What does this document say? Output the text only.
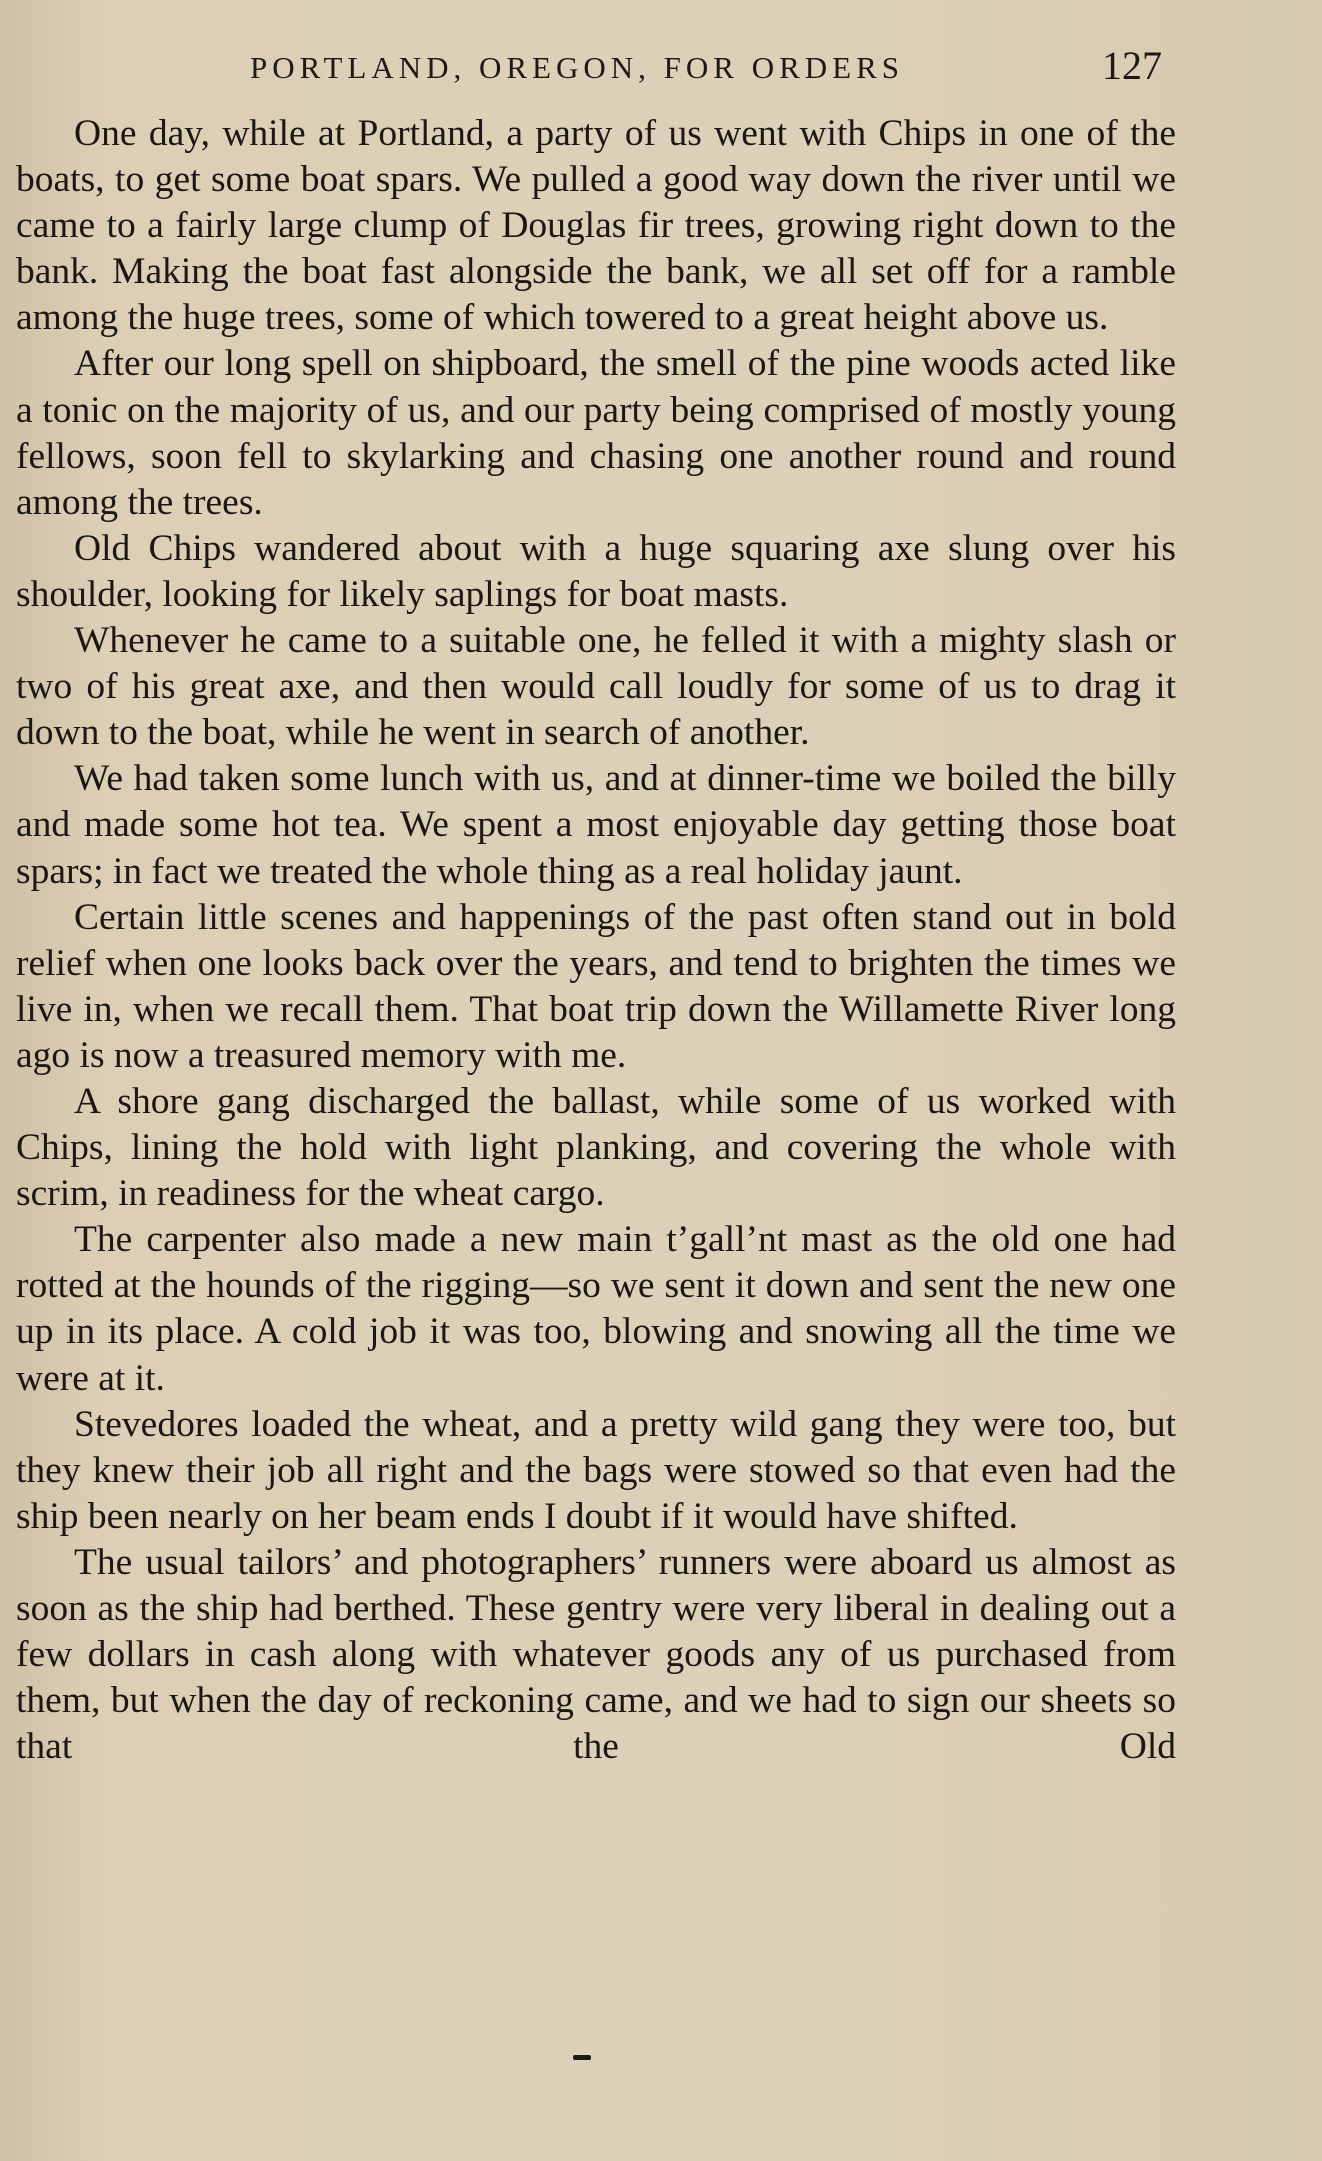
PORTLAND, OREGON, FOR ORDERS	127

One day, while at Portland, a party of us went with Chips in one of the boats, to get some boat spars. We pulled a good way down the river until we came to a fairly large clump of Douglas fir trees, growing right down to the bank. Making the boat fast alongside the bank, we all set off for a ramble among the huge trees, some of which towered to a great height above us.

After our long spell on shipboard, the smell of the pine woods acted like a tonic on the majority of us, and our party being comprised of mostly young fellows, soon fell to skylarking and chasing one another round and round among the trees.

Old Chips wandered about with a huge squaring axe slung over his shoulder, looking for likely saplings for boat masts.

Whenever he came to a suitable one, he felled it with a mighty slash or two of his great axe, and then would call loudly for some of us to drag it down to the boat, while he went in search of another.

We had taken some lunch with us, and at dinner-time we boiled the billy and made some hot tea. We spent a most enjoyable day getting those boat spars; in fact we treated the whole thing as a real holiday jaunt.

Certain little scenes and happenings of the past often stand out in bold relief when one looks back over the years, and tend to brighten the times we live in, when we recall them. That boat trip down the Willamette River long ago is now a treasured memory with me.

A shore gang discharged the ballast, while some of us worked with Chips, lining the hold with light planking, and covering the whole with scrim, in readiness for the wheat cargo.

The carpenter also made a new main t’gall’nt mast as the old one had rotted at the hounds of the rigging—so we sent it down and sent the new one up in its place. A cold job it was too, blowing and snowing all the time we were at it.

Stevedores loaded the wheat, and a pretty wild gang they were too, but they knew their job all right and the bags were stowed so that even had the ship been nearly on her beam ends I doubt if it would have shifted.

The usual tailors’ and photographers’ runners were aboard us almost as soon as the ship had berthed. These gentry were very liberal in dealing out a few dollars in cash along with whatever goods any of us purchased from them, but when the day of reckoning came, and we had to sign our sheets so that the Old
